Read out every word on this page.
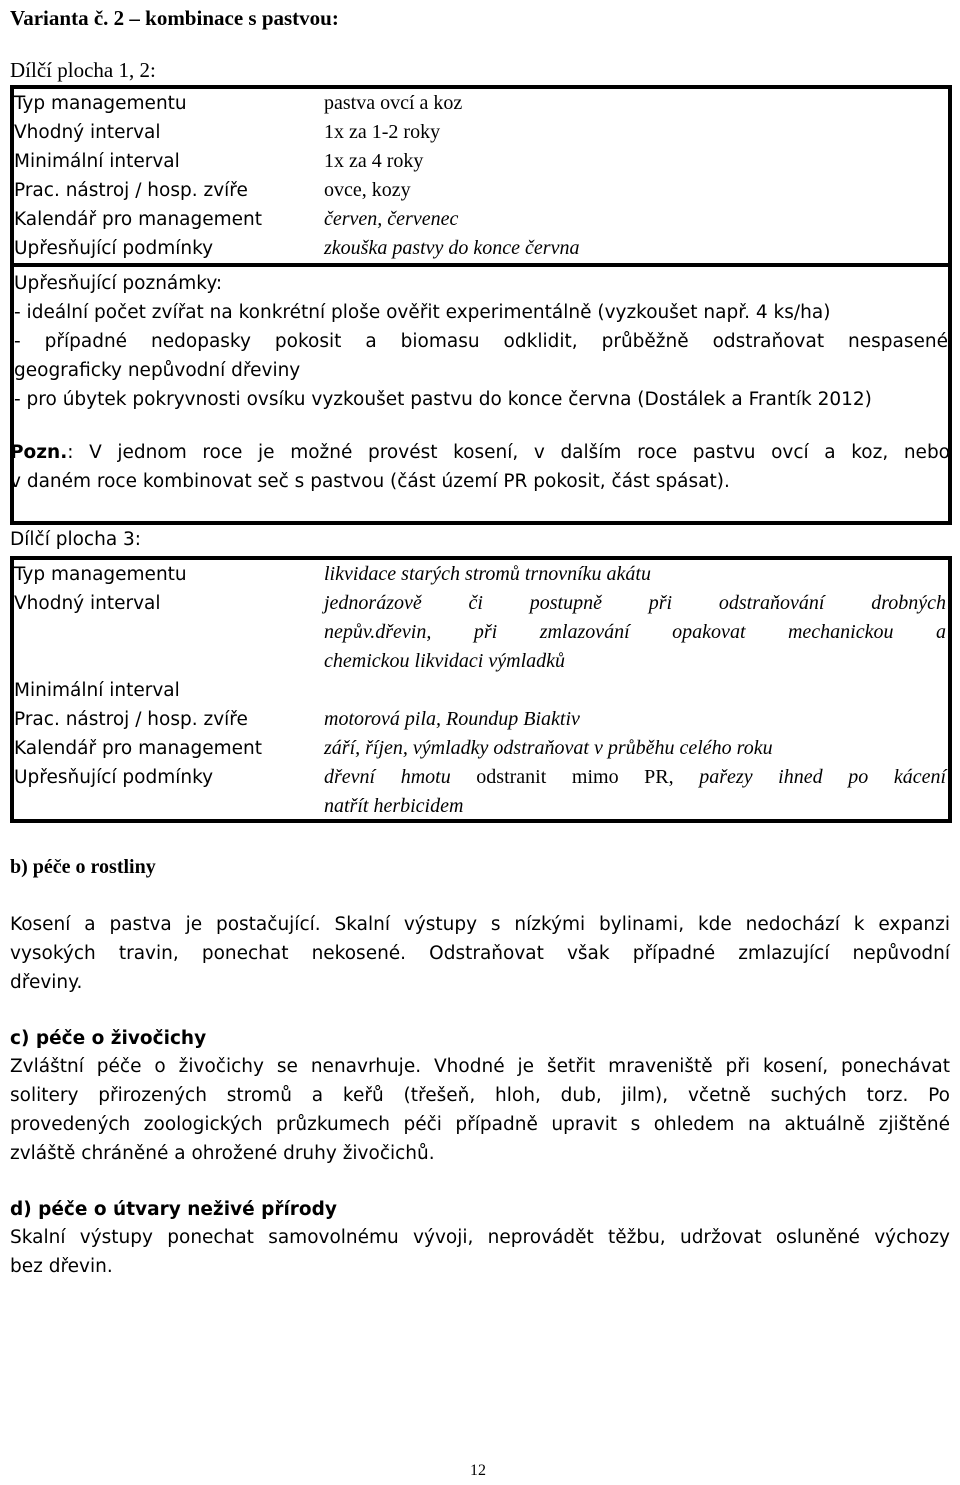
Varianta č. 2 – kombinace s pastvou:
Dílčí plocha 1, 2:
Typ managementu	pastva ovcí a koz
Vhodný interval	1x za 1-2 roky
Minimální interval	1x za 4 roky
Prac. nástroj / hosp. zvíře	ovce, kozy
Kalendář pro management	červen, červenec
Upřesňující podmínky	zkouška pastvy do konce června
Upřesňující poznámky:
- ideální počet zvířat na konkrétní ploše ověřit experimentálně (vyzkoušet např. 4 ks/ha)
- případné nedopasky pokosit a biomasu odklidit, průběžně odstraňovat nespasené
geograficky nepůvodní dřeviny
- pro úbytek pokryvnosti ovsíku vyzkoušet pastvu do konce června (Dostálek a Frantík 2012)
Pozn.: V jednom roce je možné provést kosení, v dalším roce pastvu ovcí a koz, nebo
v daném roce kombinovat seč s pastvou (část území PR pokosit, část spásat).
Dílčí plocha 3:
Typ managementu	likvidace starých stromů trnovníku akátu
Vhodný interval	jednorázově či postupně při odstraňování drobných
nepův.dřevin, při zmlazování opakovat mechanickou a
chemickou likvidaci výmladků
Minimální interval
Prac. nástroj / hosp. zvíře	motorová pila, Roundup Biaktiv
Kalendář pro management	září, říjen, výmladky odstraňovat v průběhu celého roku
Upřesňující podmínky	dřevní hmotu odstranit mimo PR, pařezy ihned po kácení
natřít herbicidem
b) péče o rostliny
Kosení a pastva je postačující. Skalní výstupy s nízkými bylinami, kde nedochází k expanzi
vysokých travin, ponechat nekosené. Odstraňovat však případné zmlazující nepůvodní
dřeviny.
c) péče o živočichy
Zvláštní péče o živočichy se nenavrhuje. Vhodné je šetřit mraveniště při kosení, ponechávat
solitery přirozených stromů a keřů (třešeň, hloh, dub, jilm), včetně suchých torz. Po
provedených zoologických průzkumech péči případně upravit s ohledem na aktuálně zjištěné
zvláště chráněné a ohrožené druhy živočichů.
d) péče o útvary neživé přírody
Skalní výstupy ponechat samovolnému vývoji, neprovádět těžbu, udržovat osluněné výchozy
bez dřevin.
12
